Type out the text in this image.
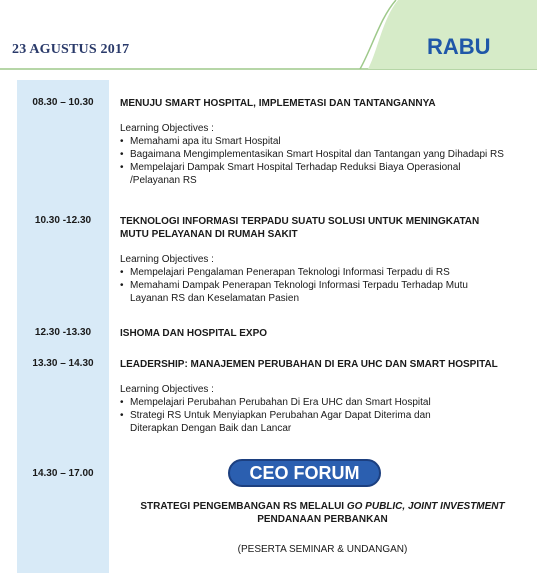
23 AGUSTUS 2017	RABU
08.30 – 10.30	MENUJU SMART HOSPITAL, IMPLEMETASI DAN TANTANGANNYA
Learning Objectives :
• Memahami apa itu Smart Hospital
• Bagaimana Mengimplementasikan Smart Hospital dan Tantangan yang Dihadapi RS
• Mempelajari Dampak Smart Hospital Terhadap Reduksi Biaya Operasional /Pelayanan RS
10.30 -12.30	TEKNOLOGI INFORMASI TERPADU SUATU SOLUSI UNTUK MENINGKATAN MUTU PELAYANAN DI RUMAH SAKIT
Learning Objectives :
• Mempelajari Pengalaman Penerapan Teknologi Informasi Terpadu di RS
• Memahami Dampak Penerapan Teknologi Informasi Terpadu Terhadap Mutu Layanan RS dan Keselamatan Pasien
12.30 -13.30	ISHOMA DAN HOSPITAL EXPO
13.30 – 14.30	LEADERSHIP: MANAJEMEN PERUBAHAN DI ERA UHC DAN SMART HOSPITAL
Learning Objectives :
• Mempelajari Perubahan Perubahan Di Era UHC dan Smart Hospital
• Strategi RS Untuk Menyiapkan Perubahan Agar Dapat Diterima dan Diterapkan Dengan Baik dan Lancar
14.30 – 17.00	CEO FORUM
STRATEGI PENGEMBANGAN RS MELALUI GO PUBLIC, JOINT INVESTMENT
PENDANAAN PERBANKAN
(PESERTA SEMINAR & UNDANGAN)
